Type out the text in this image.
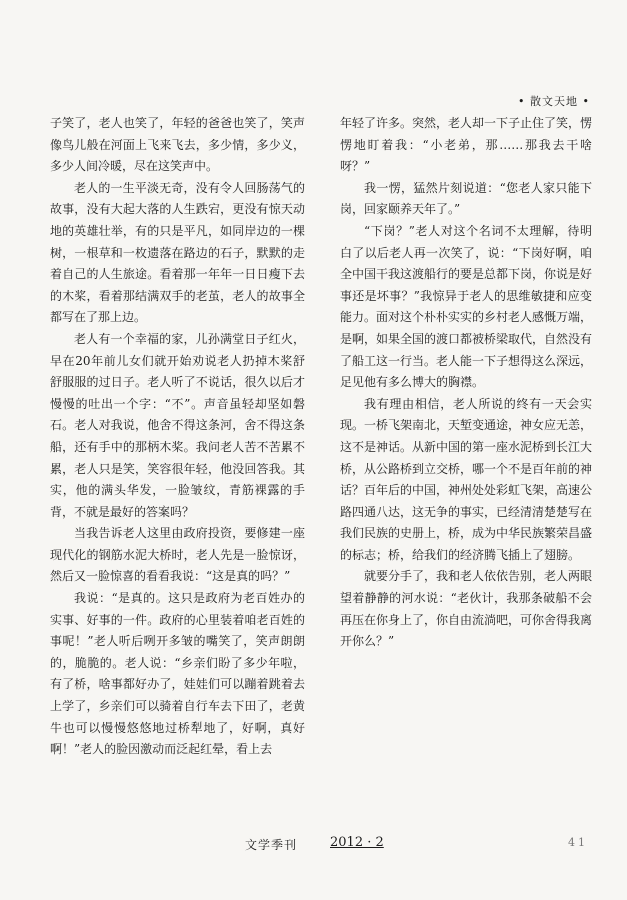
• 散文天地 •

子笑了，老人也笑了，年轻的爸爸也笑了，笑声像鸟儿般在河面上飞来飞去，多少情，多少义，多少人间冷暖，尽在这笑声中。

老人的一生平淡无奇，没有令人回肠荡气的故事，没有大起大落的人生跌宕，更没有惊天动地的英雄壮举，有的只是平凡，如同岸边的一棵树，一根草和一枚遗落在路边的石子，默默的走着自己的人生旅途。看着那一年年一日日瘦下去的木桨，看着那结满双手的老茧，老人的故事全都写在了那上边。

老人有一个幸福的家，儿孙满堂日子红火，早在20年前儿女们就开始劝说老人扔掉木桨舒舒服服的过日子。老人听了不说话，很久以后才慢慢的吐出一个字：“不”。声音虽轻却坚如磐石。老人对我说，他舍不得这条河，舍不得这条船，还有手中的那柄木桨。我问老人苦不苦累不累，老人只是笑，笑容很年轻，他没回答我。其实，他的满头华发，一脸皱纹，青筋裸露的手背，不就是最好的答案吗？

当我告诉老人这里由政府投资，要修建一座现代化的钢筋水泥大桥时，老人先是一脸惊讶，然后又一脸惊喜的看看我说：“这是真的吗？”

我说：“是真的。这只是政府为老百姓办的实事、好事的一件。政府的心里装着咱老百姓的事呢！”老人听后咧开多皱的嘴笑了，笑声朗朗的，脆脆的。老人说：“乡亲们盼了多少年啦，有了桥，啥事都好办了，娃娃们可以蹦着跳着去上学了，乡亲们可以骑着自行车去下田了，老黄牛也可以慢慢悠悠地过桥犁地了，好啊，真好啊！”老人的脸因激动而泛起红晕，看上去

年轻了许多。突然，老人却一下子止住了笑，愣愣地盯着我：“小老弟，那……那我去干啥呀？”

我一愣，猛然片刻说道：“您老人家只能下岗，回家颐养天年了。”

“下岗？”老人对这个名词不太理解，待明白了以后老人再一次笑了，说：“下岗好啊，咱全中国干我这渡船行的要是总都下岗，你说是好事还是坏事？”我惊异于老人的思维敏捷和应变能力。面对这个朴朴实实的乡村老人感慨万端，是啊，如果全国的渡口都被桥梁取代，自然没有了船工这一行当。老人能一下子想得这么深远，足见他有多么博大的胸襟。

我有理由相信，老人所说的终有一天会实现。一桥飞架南北，天堑变通途，神女应无恙，这不是神话。从新中国的第一座水泥桥到长江大桥，从公路桥到立交桥，哪一个不是百年前的神话？百年后的中国，神州处处彩虹飞架，高速公路四通八达，这无争的事实，已经清清楚楚写在我们民族的史册上，桥，成为中华民族繁荣昌盛的标志；桥，给我们的经济腾飞插上了翅膀。

就要分手了，我和老人依依告别，老人两眼望着静静的河水说：“老伙计，我那条破船不会再压在你身上了，你自由流淌吧，可你舍得我离开你么？”

文学季刊	2012 · 2	41
